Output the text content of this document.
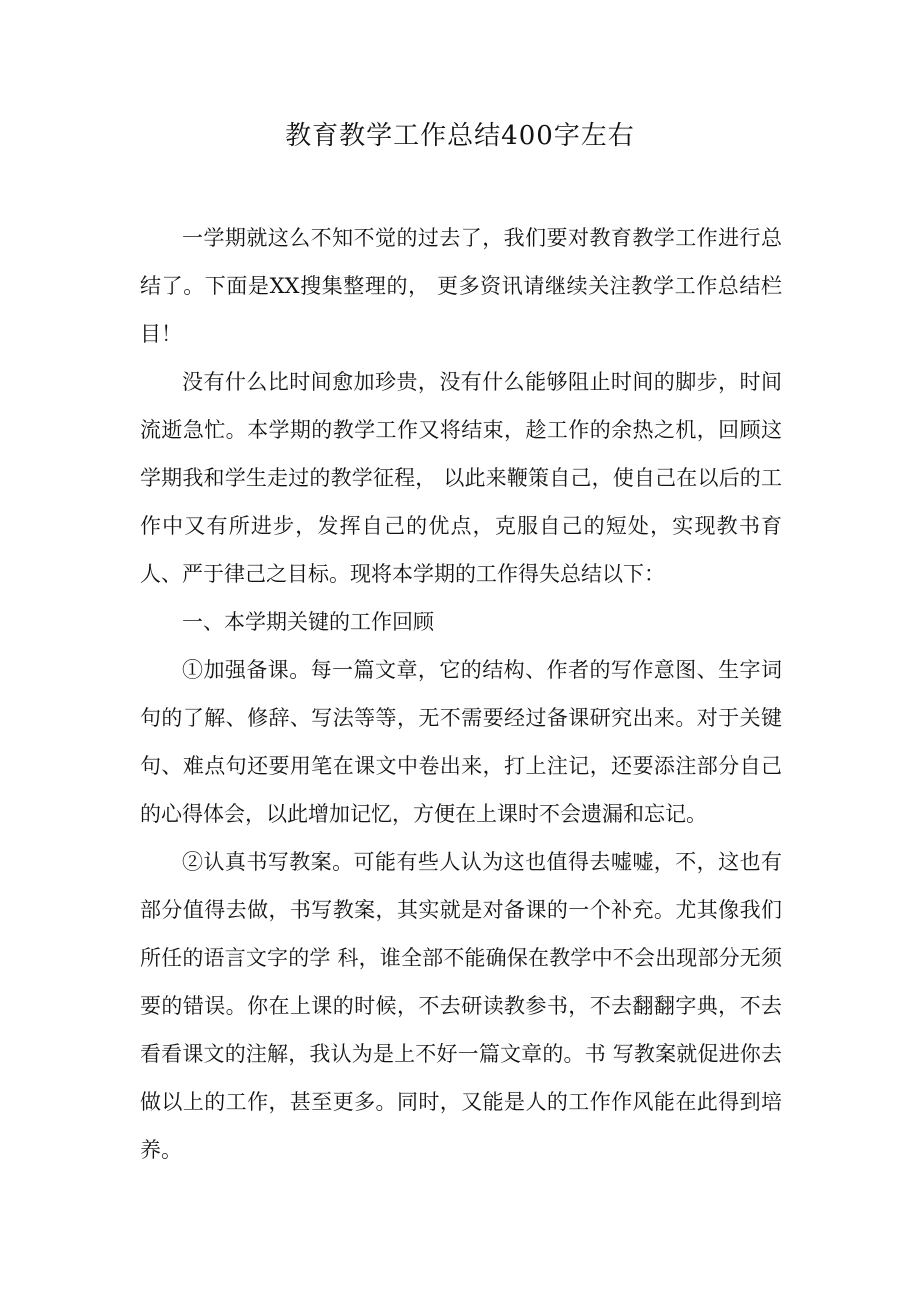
教育教学工作总结400字左右

一学期就这么不知不觉的过去了，我们要对教育教学工作进行总结了。下面是XX搜集整理的， 更多资讯请继续关注教学工作总结栏目！

没有什么比时间愈加珍贵，没有什么能够阻止时间的脚步，时间流逝急忙。本学期的教学工作又将结束，趁工作的余热之机，回顾这学期我和学生走过的教学征程， 以此来鞭策自己，使自己在以后的工作中又有所进步，发挥自己的优点，克服自己的短处，实现教书育人、严于律己之目标。现将本学期的工作得失总结以下：

一、本学期关键的工作回顾

①加强备课。每一篇文章，它的结构、作者的写作意图、生字词句的了解、修辞、写法等等，无不需要经过备课研究出来。对于关键句、难点句还要用笔在课文中卷出来，打上注记，还要添注部分自己的心得体会，以此增加记忆，方便在上课时不会遗漏和忘记。

②认真书写教案。可能有些人认为这也值得去嘘嘘，不，这也有部分值得去做，书写教案，其实就是对备课的一个补充。尤其像我们所任的语言文字的学 科，谁全部不能确保在教学中不会出现部分无须要的错误。你在上课的时候，不去研读教参书，不去翻翻字典，不去看看课文的注解，我认为是上不好一篇文章的。书 写教案就促进你去做以上的工作，甚至更多。同时，又能是人的工作作风能在此得到培养。
